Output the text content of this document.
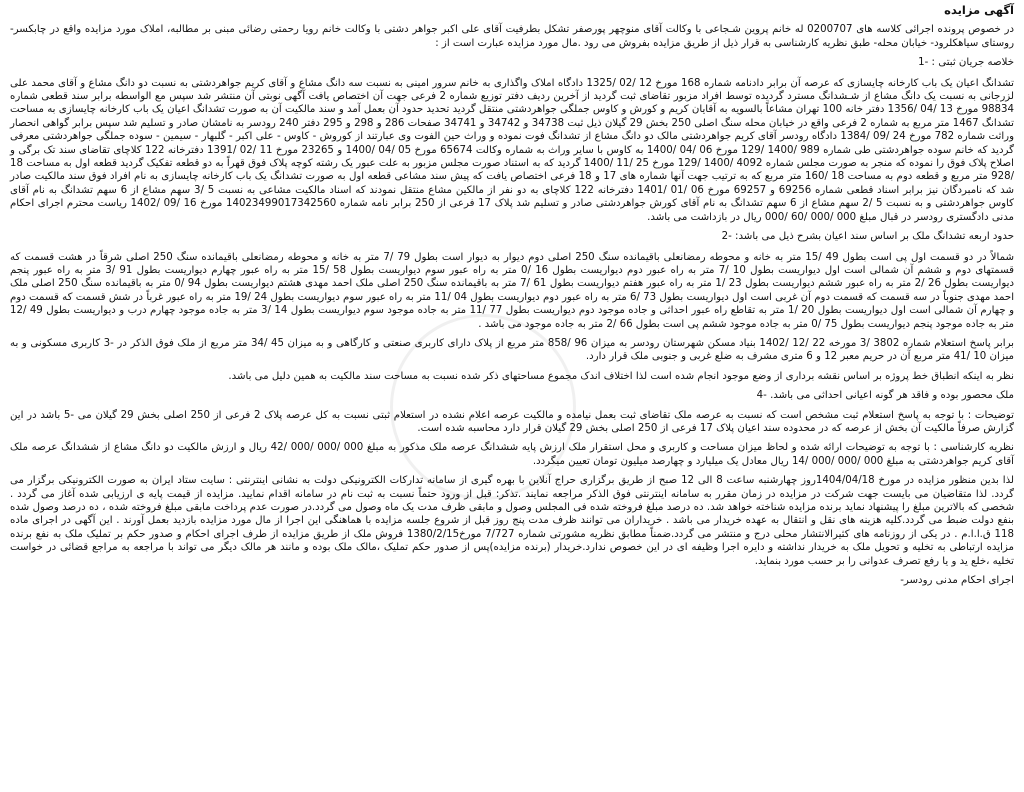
آگهی مزایده

در خصوص پرونده اجرائی کلاسه های 0200707 له خانم پروین شـجاعی با وکالت آقای منوچهر پورصفر تشکل بطرفیت آقای علی اکبر جواهر دشتی با وکالت خانم رویا رحمتی رضائی مبنی بر مطالبه، املاک مورد مزایده واقع در چابکسر- روستای سیاهکلرود- خیابان محله- طبق نظریه کارشناسی به قرار ذیل از طریق مزایده بفروش می رود .مال مورد مزایده عبارت است از :

خلاصه جریان ثبتی : -1

تشدانگ اعیان یک باب کارخانه چایسازی که عرصه آن برابر دادنامه شماره 168 مورخ 12 /02 /1325 دادگاه املاک واگذاری به خانم سرور امینی به نسبت سه دانگ مشاع و آقای کریم جواهردشتی به نسبت دو دانگ مشاع و آقای محمد علی لزرجانی به نسبت یک دانگ مشاع از شـشدانگ مسترد گردیده توسط افراد مزبور تقاضای ثبت گردید از آخرین ردیف دفتر توزیع شماره 2 فرعی جهت آن اختصاص یافت آگهی نوبتی آن منتشر شد سپس مع الواسطه برابر سند قطعی شماره 98834 مورخ 13 /04 /1356 دفتر خانه 100 تهران مشاعاً بالسویه به آقایان کریم و کورش و کاوس جملگی جواهردشتی منتقل گردید تحدید حدود آن بعمل آمد و سند مالکیت آن به صورت تشدانگ اعیان یک باب کارخانه چایسازی به مساحت تشدانگ 1467 متر مربع به شماره 2 فرعی واقع در خیابان محله سنگ اصلی 250 بخش 29 گیلان ذیل ثبت 34738 و 34742 و 34741 صفحات 286 و 298 و 295 دفتر 240 رودسر به نامشان صادر و تسلیم شد سپس برابر گواهی انحصار وراثت شماره 782 مورخ 24 /09 /1384 دادگاه رودسر آقای کریم جواهردشتی مالک دو دانگ مشاع از تشدانگ فوت نموده و وراث حین الفوت وی عبارتند از کوروش - کاوس - علی اکبر - گلبهار - سیمین - سوده جملگی جواهردشتی معرفی گردید که خانم سوده جواهردشتی طی شماره 989 /1400 /129 مورخ 06 /04 /1400 به کاوس با سایر وراث به شماره وکالت 65674 مورخ 05 /04 /1400 و 23265 مورخ 11 /02 /1391 دفترخانه 122 کلاچای تقاضای سند تک برگی و اصلاح پلاک فوق را نموده که منجر به صورت مجلس شماره 4092 /1400 /129 مورخ 25 /11 /1400 گردید که به استناد صورت مجلس مزبور به علت عبور یک رشته کوچه پلاک فوق قهراً به دو قطعه تفکیک گردید قطعه اول به مساحت 18 /928 متر مربع و قطعه دوم به مساحت 18 /160 متر مربع که به ترتیب جهت آنها شماره های 17 و 18 فرعی اختصاص یافت که پیش سند مشاعی قطعه اول به صورت تشدانگ یک باب کارخانه چایسازی به نام افراد فوق سند مالکیت صادر شد که نامبردگان نیز برابر اسناد قطعی شماره 69256 و 69257 مورخ 06 /01 /1401 دفترخانه 122 کلاچای به دو نفر از مالکین مشاع منتقل نمودند که اسناد مالکیت مشاعی به نسبت 5 /3 سهم مشاع از 6 سهم تشدانگ به نام آقای کاوس جواهردشتی و به نسبت 5 /2 سهم مشاع از 6 سهم تشدانگ به نام آقای کورش جواهردشتی صادر و تسلیم شد پلاک 17 فرعی از 250 برابر نامه شماره 14023499017342560 مورخ 16 /09 /1402 ریاست محترم اجرای احکام مدنی دادگستری رودسر در قبال مبلغ 000 /000 /60 /000 ریال در بازداشت می باشد.

حدود اربعه تشدانگ ملک بر اساس سند اعیان بشرح ذیل می باشد: -2

شمالاً در دو قسمت اول پی است بطول 49 /15 متر به خانه و محوطه رمضانعلی باقیمانده سنگ 250 اصلی دوم دیوار به دیوار است بطول 79 /7 متر به خانه و محوطه رمضانعلی باقیمانده سنگ 250 اصلی شرقاً در هشت قسمت که قسمتهای دوم و ششم آن شمالی است اول دیواریست بطول 10 /7 متر به راه عبور دوم دیواریست بطول 16 /0 متر به راه عبور سوم دیواریست بطول 58 /15 متر به راه عبور چهارم دیواریست بطول 91 /3 متر به راه عبور پنجم دیواریست بطول 26 /2 متر به راه عبور ششم دیواریست بطول 23 /1 متر به راه عبور هفتم دیواریست بطول 61 /7 متر به باقیمانده سنگ 250 اصلی ملک احمد مهدی هشتم دیواریست بطول 94 /0 متر به باقیمانده سنگ 250 اصلی ملک احمد مهدی جنوباً در سه قسمت که قسمت دوم آن غربی است اول دیواریست بطول 73 /6 متر به راه عبور دوم دیواریست بطول 04 /11 متر به راه عبور سوم دیواریست بطول 24 /19 متر به راه عبور غرباً در شش قسمت که قسمت دوم و چهارم آن شمالی است اول دیواریست بطول 20 /1 متر به تقاطع راه عبور احداثی و جاده موجود دوم دیواریست بطول 77 /11 متر به جاده موجود سوم دیواریست بطول 14 /3 متر به جاده موجود چهارم درب و دیواریست بطول 49 /12 متر به جاده موجود پنجم دیواریست بطول 75 /0 متر به جاده موجود ششم پی است بطول 66 /2 متر به جاده موجود می باشد .

برابر پاسخ استعلام شماره 3802 /3 مورخه 22 /12 /1402 بنیاد مسکن شهرستان رودسر به میزان 96 /858 متر مربع از پلاک دارای کاربری صنعتی و کارگاهی و به میزان 45 /34 متر مربع از ملک فوق الذکر در -3 کاربری مسکونی و به میزان 10 /41 متر مربع آن در حریم معبر 12 و 6 متری مشرف به ضلع غربی و جنوبی ملک قرار دارد.

نظر به اینکه انطباق خط پروژه بر اساس نقشه برداری از وضع موجود انجام شده است لذا اختلاف اندک مجموع مساحتهای ذکر شده نسبت به مساحت سند مالکیت به همین دلیل می باشد.

ملک محصور بوده و فاقد هر گونه اعیانی احداثی می باشد. -4

توضیحات : با توجه به پاسخ استعلام ثبت مشخص است که نسبت به عرصه ملک تقاضای ثبت بعمل نیامده و مالکیت عرصه اعلام نشده در استعلام ثبتی نسبت به کل عرصه پلاک 2 فرعی از 250 اصلی بخش 29 گیلان می -5 باشد در این گزارش صرفاً مالکیت آن بخش از عرصه که در محدوده سند اعیان پلاک 17 فرعی از 250 اصلی بخش 29 گیلان قرار دارد محاسبه شده است.

نظریه کارشناسی : با توجه به توضیحات ارائه شده و لحاظ میزان مساحت و کاربری و محل استقرار ملک ارزش پایه ششدانگ عرصه ملک مذکور به مبلغ 000 /000 /000 /42 ریال و ارزش مالکیت دو دانگ مشاع از ششدانگ عرصه ملک آقای کریم جواهردشتی به مبلغ 000 /000 /000 /14 ریال معادل یک میلیارد و چهارصد میلیون تومان تعیین میگردد.

لذا بدین منظور مزایده در مورخ 1404/04/18روز چهارشنبه ساعت 8 الی 12 صبح از طریق برگزاری حراج آنلاین با بهره گیری از سامانه تدارکات الکترونیکی دولت به نشانی اینترنتی : سایت ستاد ایران به صورت الکترونیکی برگزار می گردد. لذا متقاضیان می بایست جهت شرکت در مزایده در زمان مقرر به سامانه اینترنتی فوق الذکر مراجعه نمایند .تذکر: قبل از ورود حتماً نسبت به ثبت نام در سامانه اقدام نمایید. مزایده از قیمت پایه ی ارزیابی شده آغاز می گردد . شخصی که بالاترین مبلغ را پیشنهاد نماید برنده مزایده شناخته خواهد شد. ده درصد مبلغ فروخته شده فی المجلس وصول و مابقی ظرف مدت یک ماه وصول می گردد.در صورت عدم پرداخت مابقی مبلغ فروخته شده ، ده درصد وصول شده بنفع دولت ضبط می گردد.کلیه هزینه های نقل و انتقال به عهده خریدار می باشد . خریداران می توانند ظرف مدت پنج روز قبل از شروع جلسه مزایده با هماهنگی این اجرا از مال مورد مزایده بازدید بعمل آورند . این آگهی در اجرای ماده 118 ق.ا.ا.م . در یکی از روزنامه های کثیرالانتشار محلی درج و منتشر می گردد.ضمناً مطابق نظریه مشورتی شماره 7/727 مورخ1380/2/15 فروش ملک از طریق مزایده از طرف اجرای احکام و صدور حکم بر تملیک ملک به نفع برنده مزایده ارتباطی به تخلیه و تحویل ملک به خریدار نداشته و دایره اجرا وظیفه ای در این خصوص ندارد.خریدار (برنده مزایده)پس از صدور حکم تملیک ،مالک ملک بوده و مانند هر مالک دیگر می تواند با مراجعه به مراجع قضائی در خواست تخلیه ،خلع ید و یا رفع تصرف عدوانی را بر حسب مورد بنماید.

اجرای احکام مدنی رودسر-
